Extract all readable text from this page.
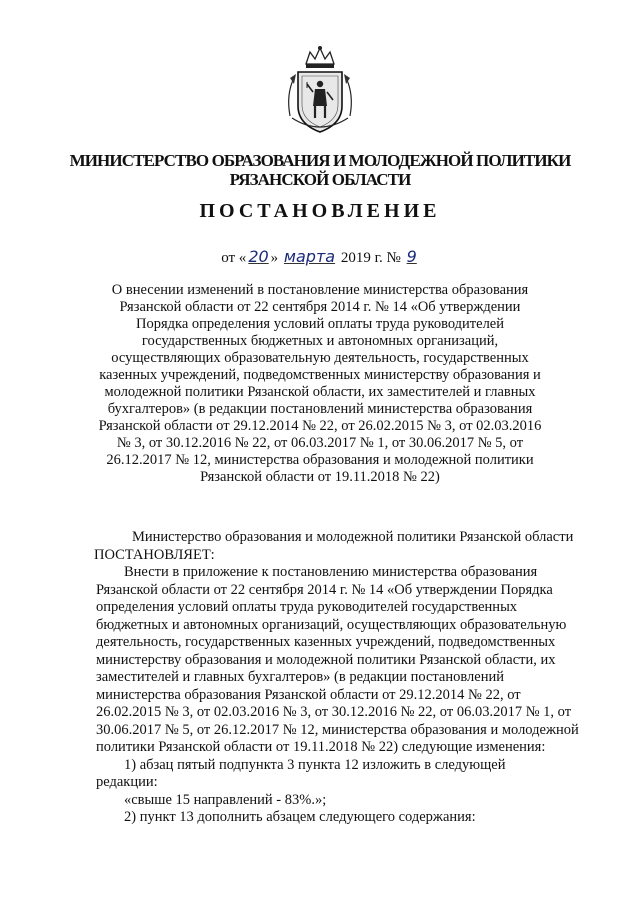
МИНИСТЕРСТВО ОБРАЗОВАНИЯ И МОЛОДЕЖНОЙ ПОЛИТИКИ
РЯЗАНСКОЙ ОБЛАСТИ
ПОСТАНОВЛЕНИЕ
от « 20 » марта 2019 г. № 9
О внесении изменений в постановление министерства образования
Рязанской области от 22 сентября 2014 г. № 14 «Об утверждении
Порядка определения условий оплаты труда руководителей
государственных бюджетных и автономных организаций,
осуществляющих образовательную деятельность, государственных
казенных учреждений, подведомственных министерству образования и
молодежной политики Рязанской области, их заместителей и главных
бухгалтеров» (в редакции постановлений министерства образования
Рязанской области от 29.12.2014 № 22, от 26.02.2015 № 3, от 02.03.2016
№ 3, от 30.12.2016 № 22, от 06.03.2017 № 1, от 30.06.2017 № 5, от
26.12.2017 № 12, министерства образования и молодежной политики
Рязанской области от 19.11.2018 № 22)
Министерство образования и молодежной политики Рязанской области
ПОСТАНОВЛЯЕТ:
Внести в приложение к постановлению министерства образования
Рязанской области от 22 сентября 2014 г. № 14 «Об утверждении Порядка
определения условий оплаты труда руководителей государственных
бюджетных и автономных организаций, осуществляющих образовательную
деятельность, государственных казенных учреждений, подведомственных
министерству образования и молодежной политики Рязанской области, их
заместителей и главных бухгалтеров» (в редакции постановлений
министерства образования Рязанской области от 29.12.2014 № 22, от
26.02.2015 № 3, от 02.03.2016 № 3, от 30.12.2016 № 22, от 06.03.2017 № 1, от
30.06.2017 № 5, от 26.12.2017 № 12, министерства образования и молодежной
политики Рязанской области от 19.11.2018 № 22) следующие изменения:
1) абзац пятый подпункта 3 пункта 12 изложить в следующей
редакции:
«свыше 15 направлений - 83%.»;
2) пункт 13 дополнить абзацем следующего содержания:
